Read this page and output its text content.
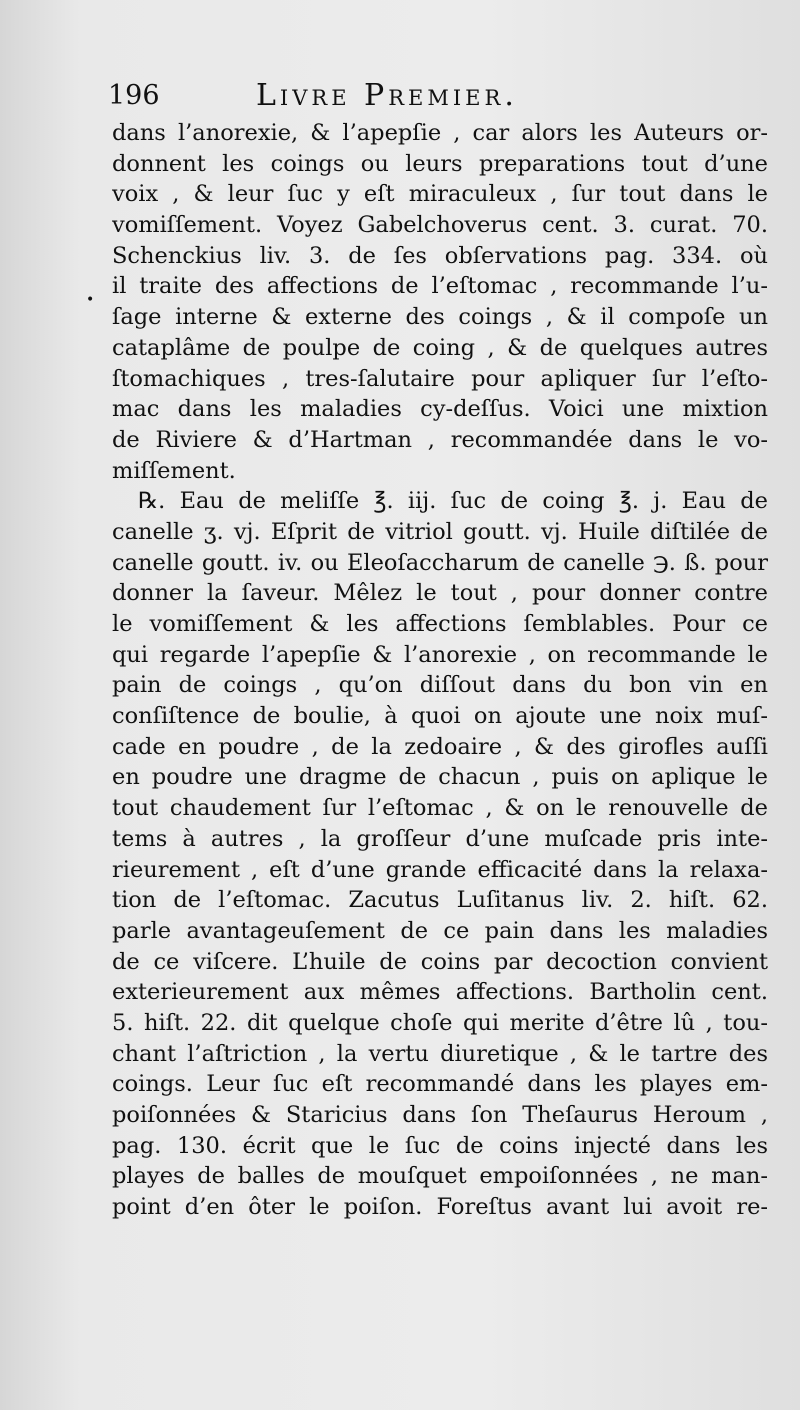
196	Livre Premier.
•
dans l’anorexie, & l’apepſie , car alors les Auteurs or-
donnent les coings ou leurs preparations tout d’une
voix , & leur ſuc y eſt miraculeux , ſur tout dans le
vomiſſement. Voyez Gabelchoverus cent. 3. curat. 70.
Schenckius liv. 3. de ſes obſervations pag. 334. où
il traite des affections de l’eſtomac , recommande l’u-
ſage interne & externe des coings , & il compoſe un
cataplâme de poulpe de coing , & de quelques autres
ſtomachiques , tres-ſalutaire pour apliquer ſur l’eſto-
mac dans les maladies cy-deſſus. Voici une mixtion
de Riviere & d’Hartman , recommandée dans le vo-
miſſement.
℞. Eau de meliſſe ℥. iij. ſuc de coing ℥. j. Eau de
canelle ʒ. vj. Eſprit de vitriol goutt. vj. Huile diſtilée de
canelle goutt. iv. ou Eleoſaccharum de canelle ℈. ß. pour
donner la ſaveur. Mêlez le tout , pour donner contre
le vomiſſement & les affections ſemblables. Pour ce
qui regarde l’apepſie & l’anorexie , on recommande le
pain de coings , qu’on diſſout dans du bon vin en
conſiſtence de boulie, à quoi on ajoute une noix muſ-
cade en poudre , de la zedoaire , & des girofles auſſi
en poudre une dragme de chacun , puis on aplique le
tout chaudement ſur l’eſtomac , & on le renouvelle de
tems à autres , la groſſeur d’une muſcade pris inte-
rieurement , eſt d’une grande efficacité dans la relaxa-
tion de l’eſtomac. Zacutus Luſitanus liv. 2. hiſt. 62.
parle avantageuſement de ce pain dans les maladies
de ce viſcere. L’huile de coins par decoction convient
exterieurement aux mêmes affections. Bartholin cent.
5. hiſt. 22. dit quelque choſe qui merite d’être lû , tou-
chant l’aſtriction , la vertu diuretique , & le tartre des
coings. Leur ſuc eſt recommandé dans les playes em-
poiſonnées & Staricius dans ſon Theſaurus Heroum ,
pag. 130. écrit que le ſuc de coins injecté dans les
playes de balles de mouſquet empoiſonnées , ne man-
point d’en ôter le poiſon. Foreſtus avant lui avoit re-
